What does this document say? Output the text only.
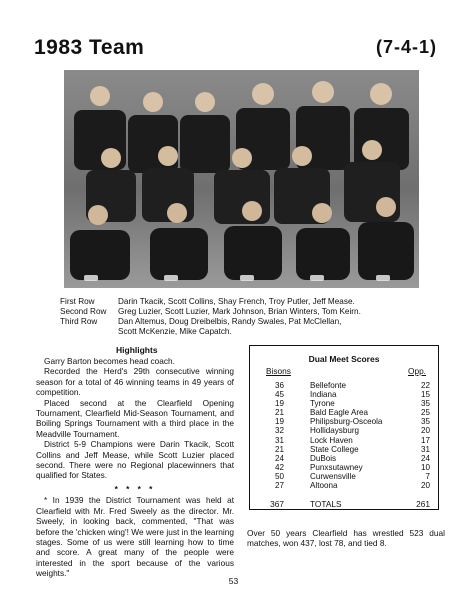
1983 Team	(7-4-1)
First Row	Darin Tkacik, Scott Collins, Shay French, Troy Putler, Jeff Mease.
Second Row	Greg Luzier, Scott Luzier, Mark Johnson, Brian Winters, Tom Keirn.
Third Row	Dan Altemus, Doug Dreibelbis, Randy Swales, Pat McClellan,
Scott McKenzie, Mike Capatch.
Highlights

Garry Barton becomes head coach.

Recorded the Herd's 29th consecutive winning season for a total of 46 winning teams in 49 years of competition.

Placed second at the Clearfield Opening Tournament, Clearfield Mid-Season Tournament, and Boiling Springs Tournament with a third place in the Meadville Tournament.

District 5-9 Champions were Darin Tkacik, Scott Collins and Jeff Mease, while Scott Luzier placed second. There were no Regional placewinners that qualified for States.

* * * *

* In 1939 the District Tournament was held at Clearfield with Mr. Fred Sweely as the director. Mr. Sweely, in looking back, commented, "That was before the 'chicken wing'! We were just in the learning stages. Some of us were still learning how to time and score. A great many of the people were interested in the sport because of the various weights."

Dual Meet Scores
Bisons	Opp.
36	Bellefonte	22
45	Indiana	15
19	Tyrone	35
21	Bald Eagle Area	25
19	Philipsburg-Osceola	35
32	Hollidaysburg	20
31	Lock Haven	17
21	State College	31
24	DuBois	24
42	Punxsutawney	10
50	Curwensville	7
27	Altoona	20
367	TOTALS	261
Over 50 years Clearfield has wrestled 523 dual matches, won 437, lost 78, and tied 8.
53
